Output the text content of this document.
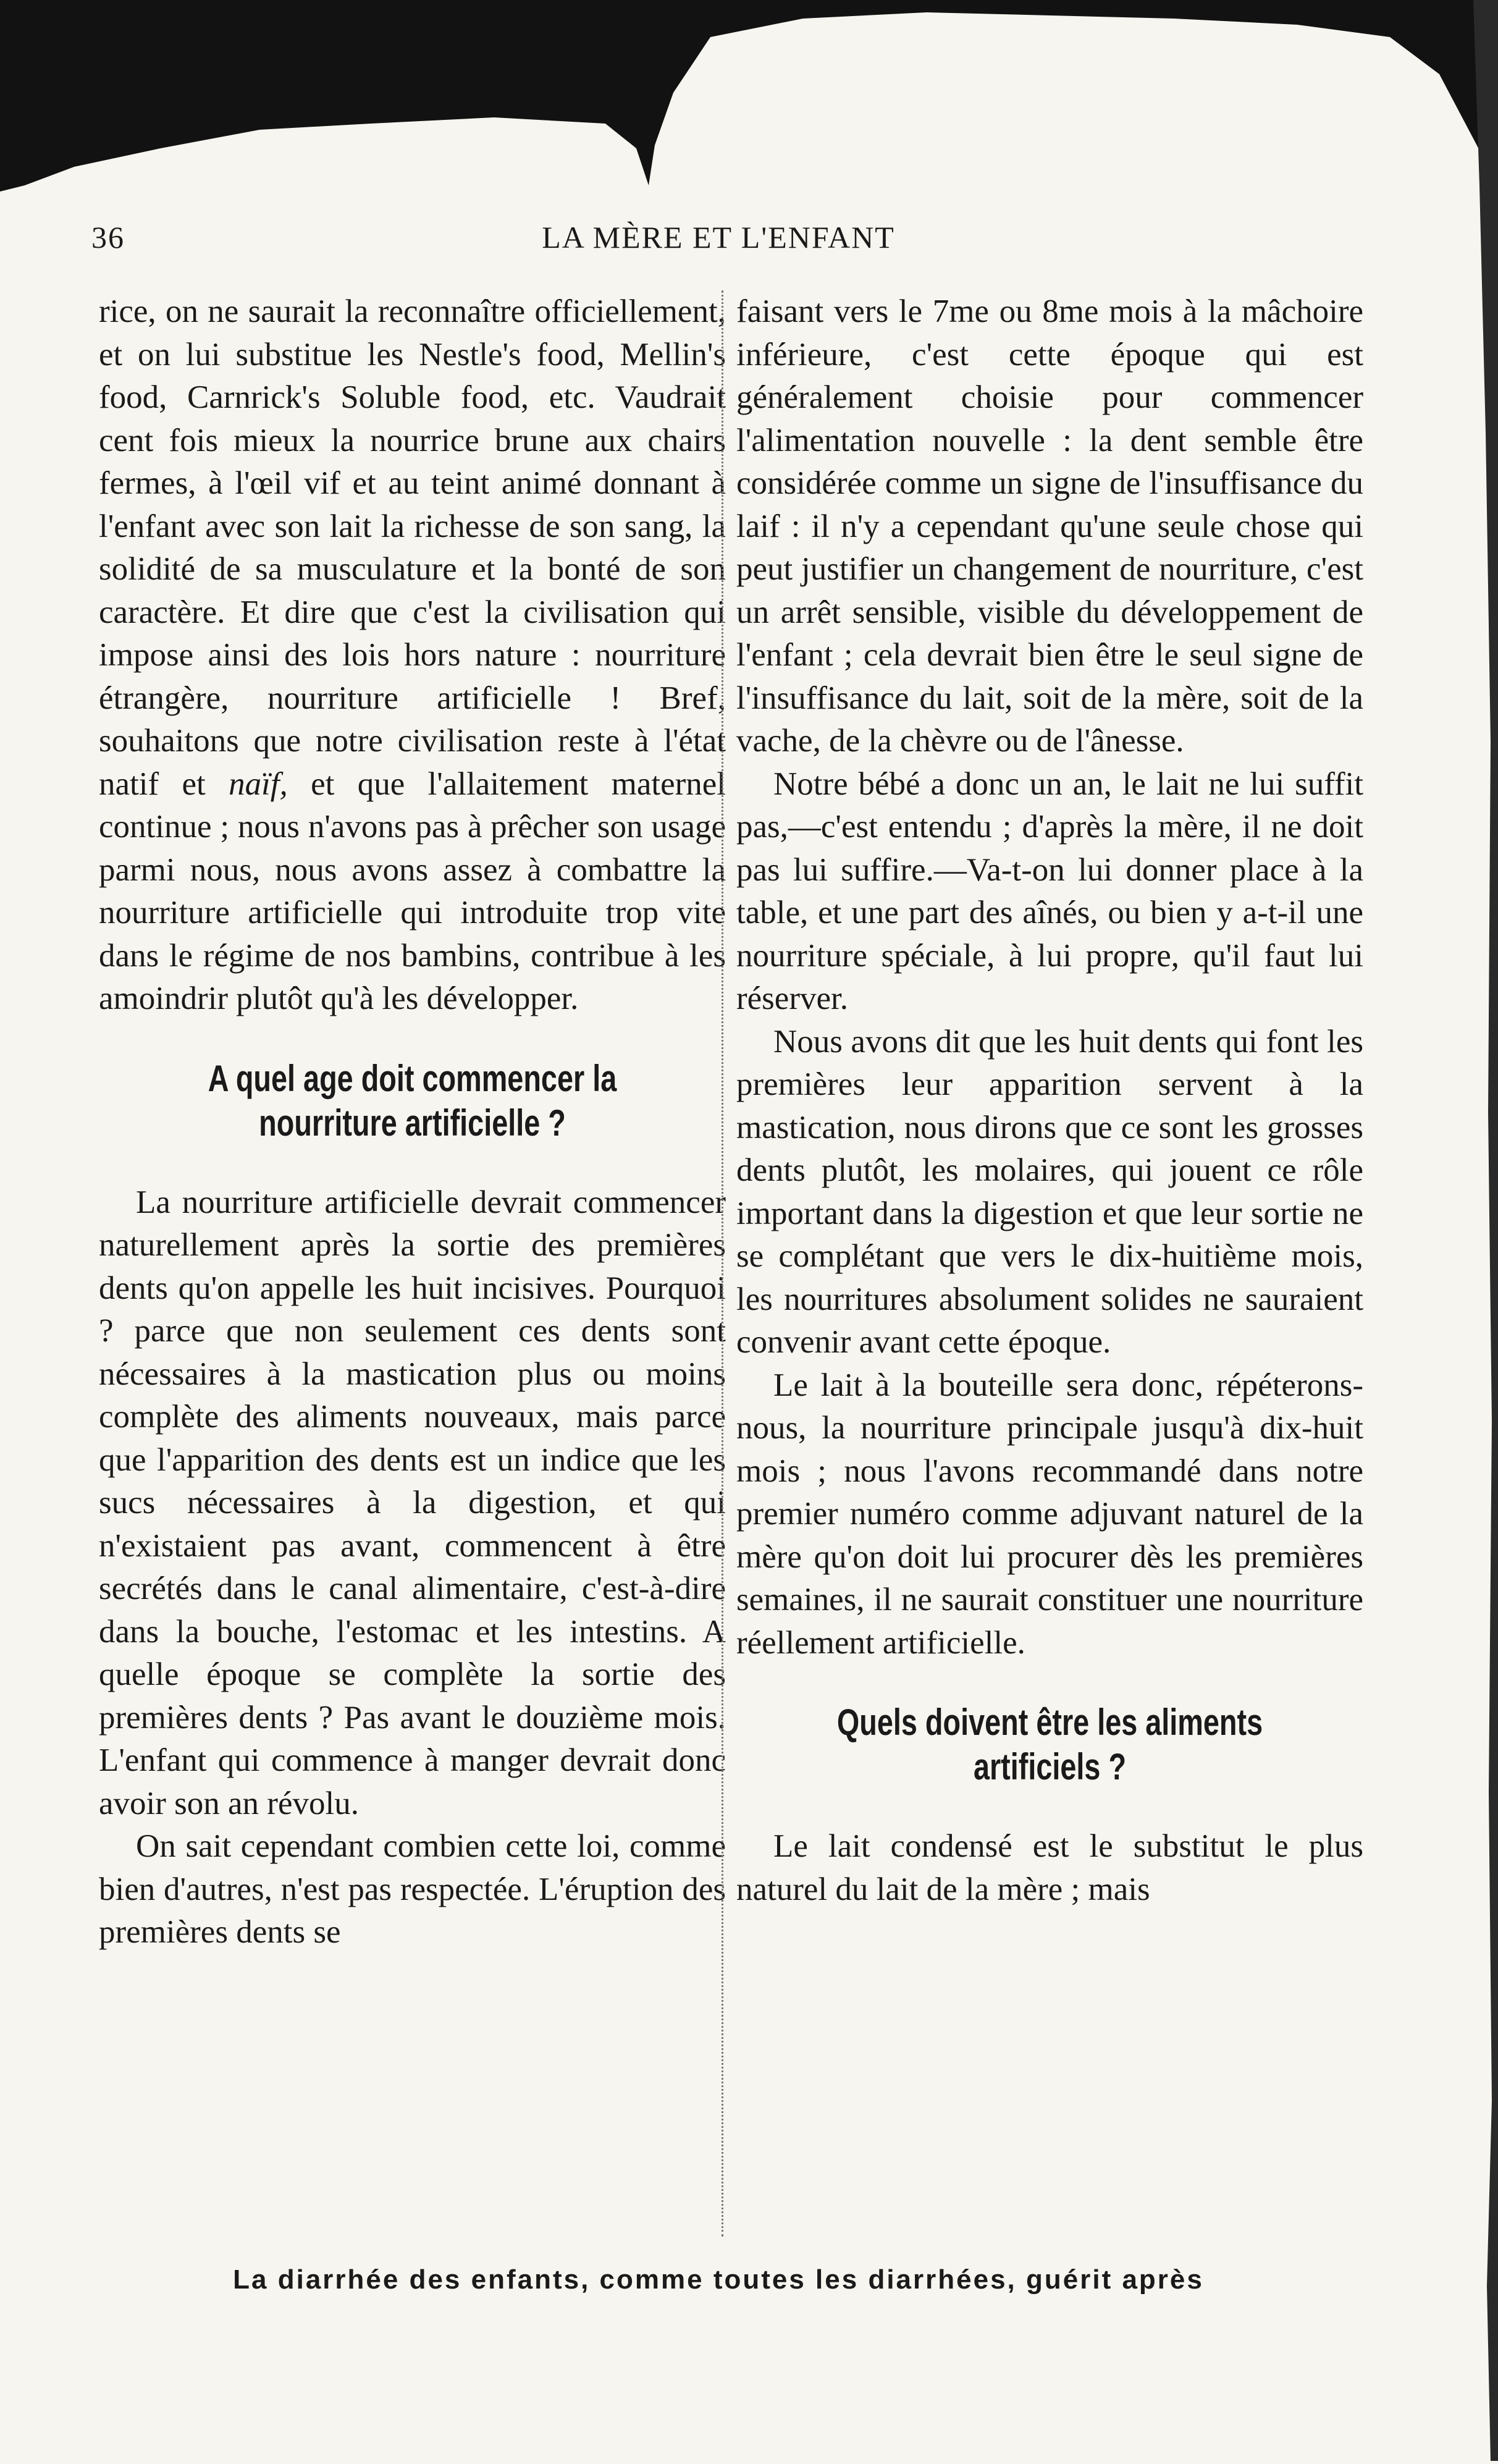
36	LA MÈRE ET L'ENFANT

rice, on ne saurait la reconnaître officiellement, et on lui substitue les Nestle's food, Mellin's food, Carnrick's Soluble food, etc. Vaudrait cent fois mieux la nourrice brune aux chairs fermes, à l'œil vif et au teint animé donnant à l'enfant avec son lait la richesse de son sang, la solidité de sa musculature et la bonté de son caractère. Et dire que c'est la civilisation qui impose ainsi des lois hors nature : nourriture étrangère, nourriture artificielle ! Bref, souhaitons que notre civilisation reste à l'état natif et naïf, et que l'allaitement maternel continue ; nous n'avons pas à prêcher son usage parmi nous, nous avons assez à combattre la nourriture artificielle qui introduite trop vite dans le régime de nos bambins, contribue à les amoindrir plutôt qu'à les développer.

A quel age doit commencer la nourriture artificielle ?

La nourriture artificielle devrait commencer naturellement après la sortie des premières dents qu'on appelle les huit incisives. Pourquoi ? parce que non seulement ces dents sont nécessaires à la mastication plus ou moins complète des aliments nouveaux, mais parce que l'apparition des dents est un indice que les sucs nécessaires à la digestion, et qui n'existaient pas avant, commencent à être secrétés dans le canal alimentaire, c'est-à-dire dans la bouche, l'estomac et les intestins. A quelle époque se complète la sortie des premières dents ? Pas avant le douzième mois. L'enfant qui commence à manger devrait donc avoir son an révolu.

On sait cependant combien cette loi, comme bien d'autres, n'est pas respectée. L'éruption des premières dents se

faisant vers le 7me ou 8me mois à la mâchoire inférieure, c'est cette époque qui est généralement choisie pour commencer l'alimentation nouvelle : la dent semble être considérée comme un signe de l'insuffisance du laif : il n'y a cependant qu'une seule chose qui peut justifier un changement de nourriture, c'est un arrêt sensible, visible du développement de l'enfant ; cela devrait bien être le seul signe de l'insuffisance du lait, soit de la mère, soit de la vache, de la chèvre ou de l'ânesse.

Notre bébé a donc un an, le lait ne lui suffit pas,—c'est entendu ; d'après la mère, il ne doit pas lui suffire.—Va-t-on lui donner place à la table, et une part des aînés, ou bien y a-t-il une nourriture spéciale, à lui propre, qu'il faut lui réserver.

Nous avons dit que les huit dents qui font les premières leur apparition servent à la mastication, nous dirons que ce sont les grosses dents plutôt, les molaires, qui jouent ce rôle important dans la digestion et que leur sortie ne se complétant que vers le dix-huitième mois, les nourritures absolument solides ne sauraient convenir avant cette époque.

Le lait à la bouteille sera donc, répéterons-nous, la nourriture principale jusqu'à dix-huit mois ; nous l'avons recommandé dans notre premier numéro comme adjuvant naturel de la mère qu'on doit lui procurer dès les premières semaines, il ne saurait constituer une nourriture réellement artificielle.

Quels doivent être les aliments artificiels ?

Le lait condensé est le substitut le plus naturel du lait de la mère ; mais

La diarrhée des enfants, comme toutes les diarrhées, guérit après
